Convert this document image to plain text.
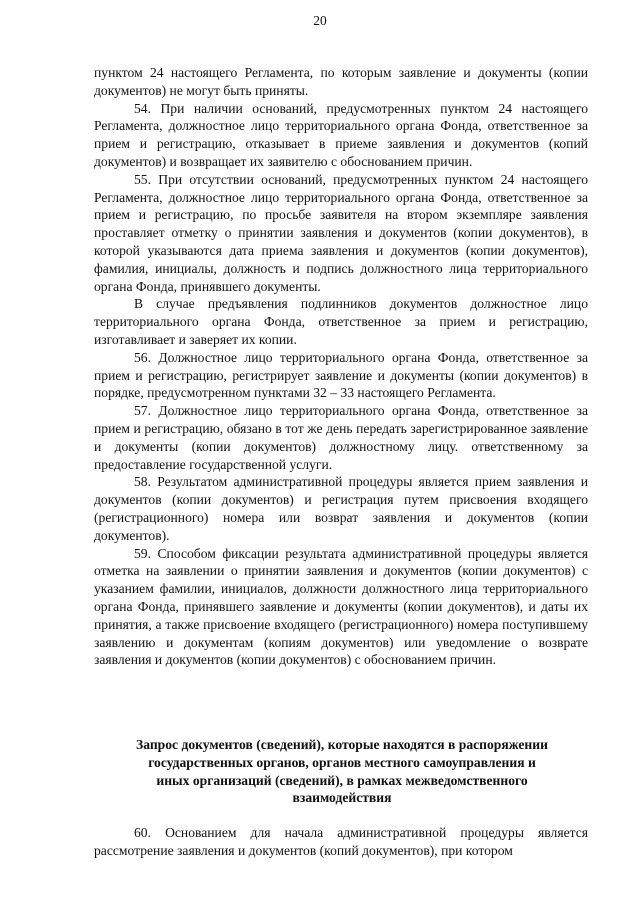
20

пунктом 24 настоящего Регламента, по которым заявление и документы (копии документов) не могут быть приняты.

54. При наличии оснований, предусмотренных пунктом 24 настоящего Регламента, должностное лицо территориального органа Фонда, ответственное за прием и регистрацию, отказывает в приеме заявления и документов (копий документов) и возвращает их заявителю с обоснованием причин.

55. При отсутствии оснований, предусмотренных пунктом 24 настоящего Регламента, должностное лицо территориального органа Фонда, ответственное за прием и регистрацию, по просьбе заявителя на втором экземпляре заявления проставляет отметку о принятии заявления и документов (копии документов), в которой указываются дата приема заявления и документов (копии документов), фамилия, инициалы, должность и подпись должностного лица территориального органа Фонда, принявшего документы.

В случае предъявления подлинников документов должностное лицо территориального органа Фонда, ответственное за прием и регистрацию, изготавливает и заверяет их копии.

56. Должностное лицо территориального органа Фонда, ответственное за прием и регистрацию, регистрирует заявление и документы (копии документов) в порядке, предусмотренном пунктами 32 – 33 настоящего Регламента.

57. Должностное лицо территориального органа Фонда, ответственное за прием и регистрацию, обязано в тот же день передать зарегистрированное заявление и документы (копии документов) должностному лицу. ответственному за предоставление государственной услуги.

58. Результатом административной процедуры является прием заявления и документов (копии документов) и регистрация путем присвоения входящего (регистрационного) номера или возврат заявления и документов (копии документов).

59. Способом фиксации результата административной процедуры является отметка на заявлении о принятии заявления и документов (копии документов) с указанием фамилии, инициалов, должности должностного лица территориального органа Фонда, принявшего заявление и документы (копии документов), и даты их принятия, а также присвоение входящего (регистрационного) номера поступившему заявлению и документам (копиям документов) или уведомление о возврате заявления и документов (копии документов) с обоснованием причин.

Запрос документов (сведений), которые находятся в распоряжении государственных органов, органов местного самоуправления и иных организаций (сведений), в рамках межведомственного взаимодействия

60. Основанием для начала административной процедуры является рассмотрение заявления и документов (копий документов), при котором
